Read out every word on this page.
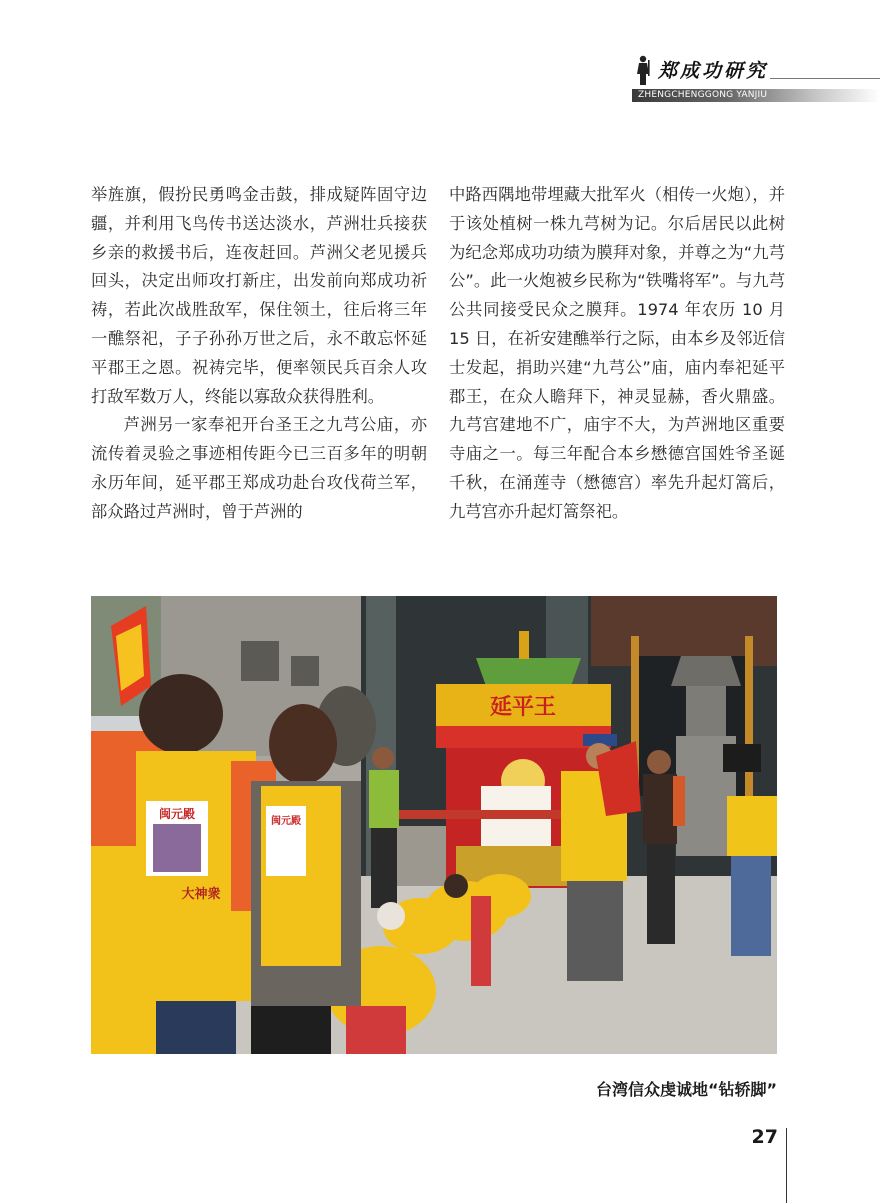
郑成功研究
ZHENGCHENGGONG YANJIU

举旌旗，假扮民勇鸣金击鼓，排成疑阵固守边疆，并利用飞鸟传书送达淡水，芦洲壮兵接获乡亲的救援书后，连夜赶回。芦洲父老见援兵回头，决定出师攻打新庄，出发前向郑成功祈祷，若此次战胜敌军，保住领土，往后将三年一醮祭祀，子子孙孙万世之后，永不敢忘怀延平郡王之恩。祝祷完毕，便率领民兵百余人攻打敌军数万人，终能以寡敌众获得胜利。

芦洲另一家奉祀开台圣王之九芎公庙，亦流传着灵验之事迹相传距今已三百多年的明朝永历年间，延平郡王郑成功赴台攻伐荷兰军，部众路过芦洲时，曾于芦洲的

中路西隅地带埋藏大批军火（相传一火炮），并于该处植树一株九芎树为记。尔后居民以此树为纪念郑成功功绩为膜拜对象，并尊之为“九芎公”。此一火炮被乡民称为“铁嘴将军”。与九芎公共同接受民众之膜拜。1974 年农历 10 月 15 日，在祈安建醮举行之际，由本乡及邻近信士发起，捐助兴建“九芎公”庙，庙内奉祀延平郡王，在众人瞻拜下，神灵显赫，香火鼎盛。九芎宫建地不广，庙宇不大，为芦洲地区重要寺庙之一。每三年配合本乡懋德宫国姓爷圣诞千秋，在涌莲寺（懋德宫）率先升起灯篙后，九芎宫亦升起灯篙祭祀。

延平王
闽元殿
大神衆
闽元殿
台湾信众虔诚地“钻轿脚”
27
